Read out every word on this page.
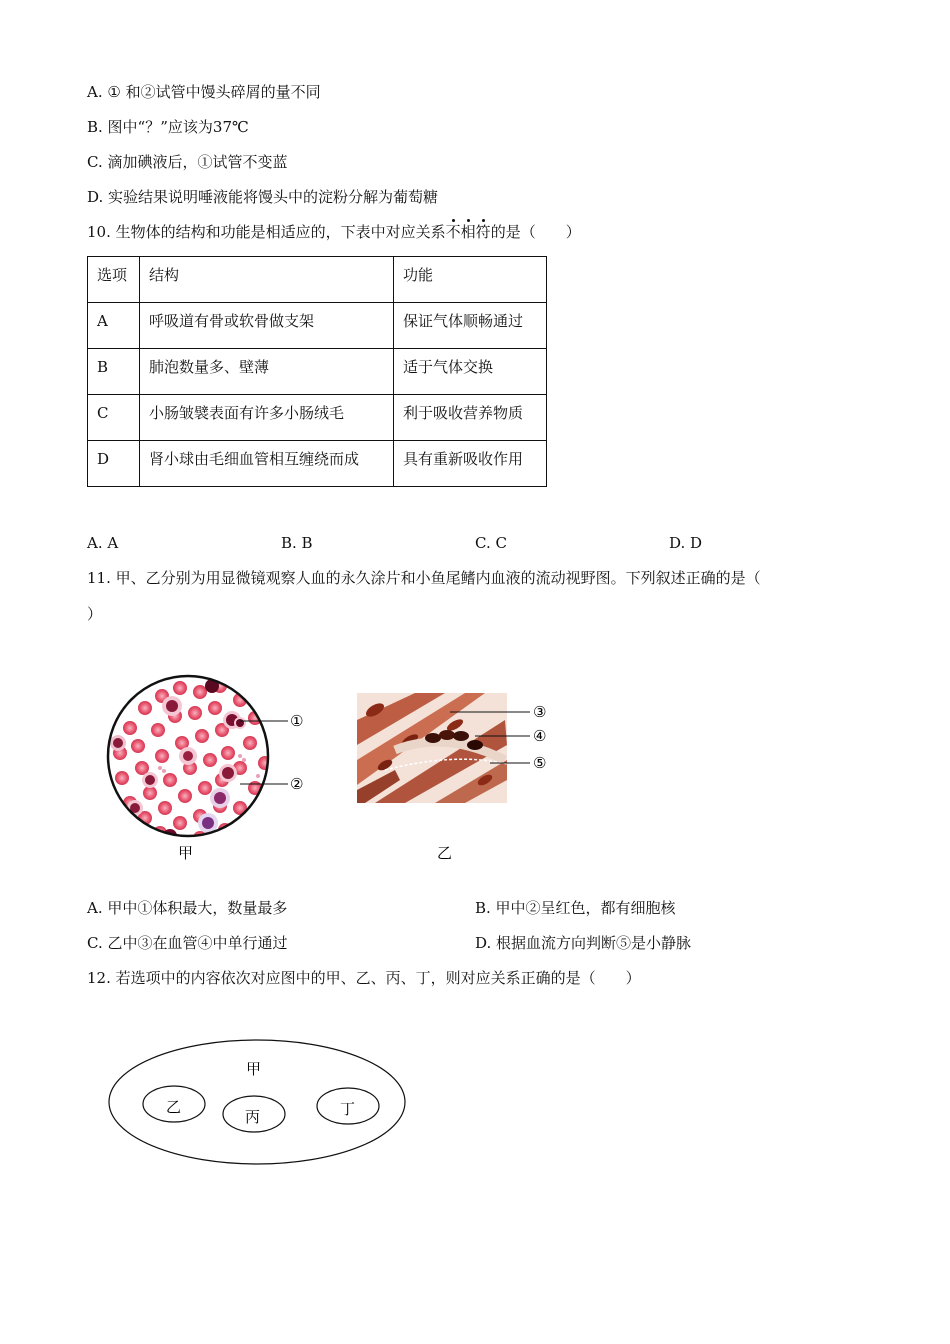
A. ① 和②试管中馒头碎屑的量不同
B. 图中“？”应该为37℃
C. 滴加碘液后，①试管不变蓝
D. 实验结果说明唾液能将馒头中的淀粉分解为葡萄糖
10. 生物体的结构和功能是相适应的，下表中对应关系不相符的是（　　）
选项	结构	功能
A	呼吸道有骨或软骨做支架	保证气体顺畅通过
B	肺泡数量多、壁薄	适于气体交换
C	小肠皱襞表面有许多小肠绒毛	利于吸收营养物质
D	肾小球由毛细血管相互缠绕而成	具有重新吸收作用
A. A	B. B	C. C	D. D
11. 甲、乙分别为用显微镜观察人血的永久涂片和小鱼尾鳍内血液的流动视野图。下列叙述正确的是（
）
①
②
甲
③
④
⑤
乙
A. 甲中①体积最大，数量最多	B. 甲中②呈红色，都有细胞核
C. 乙中③在血管④中单行通过	D. 根据血流方向判断⑤是小静脉
12. 若选项中的内容依次对应图中的甲、乙、丙、丁，则对应关系正确的是（　　）
甲
乙
丙	丁
